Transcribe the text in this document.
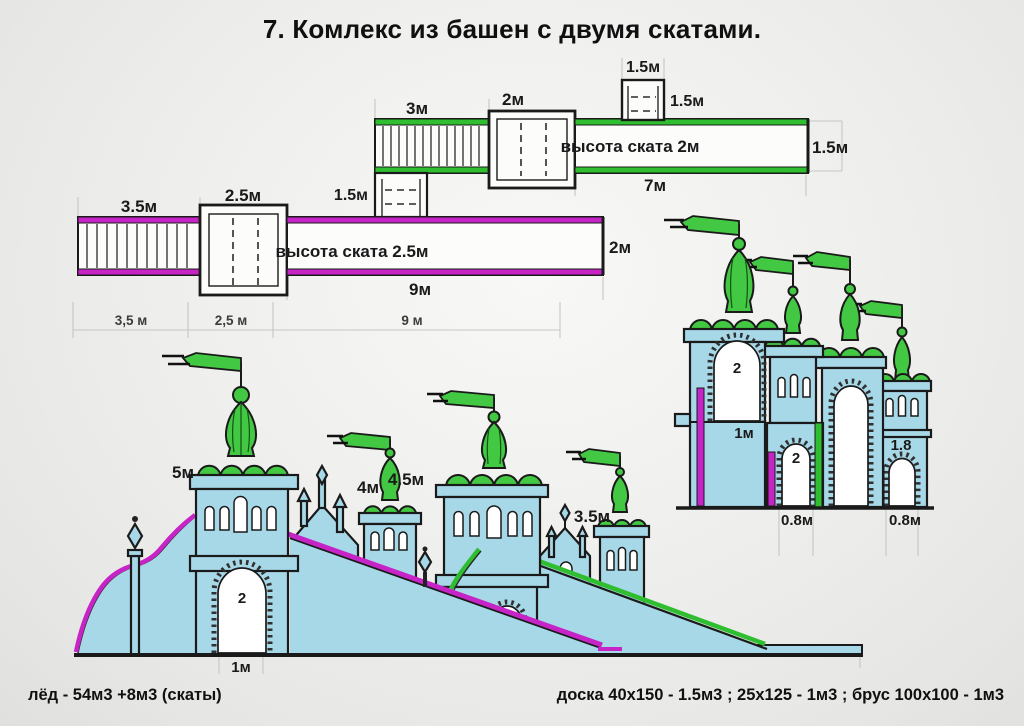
7. Комлекс из башен с двумя скатами.
3м	2м
1.5м
1.5м
высота ската 2м
7м
1.5м
3.5м
2.5м	1.5м
высота ската 2.5м
9м
2м
3,5 м	2,5 м	9 м
1.8
2
2
1м
0.8м	0.8м
3.5м
4м 4.5м
2
5м
1м
лёд - 54м3 +8м3 (скаты)	доска 40х150 - 1.5м3 ; 25х125 - 1м3 ; брус 100х100 - 1м3
